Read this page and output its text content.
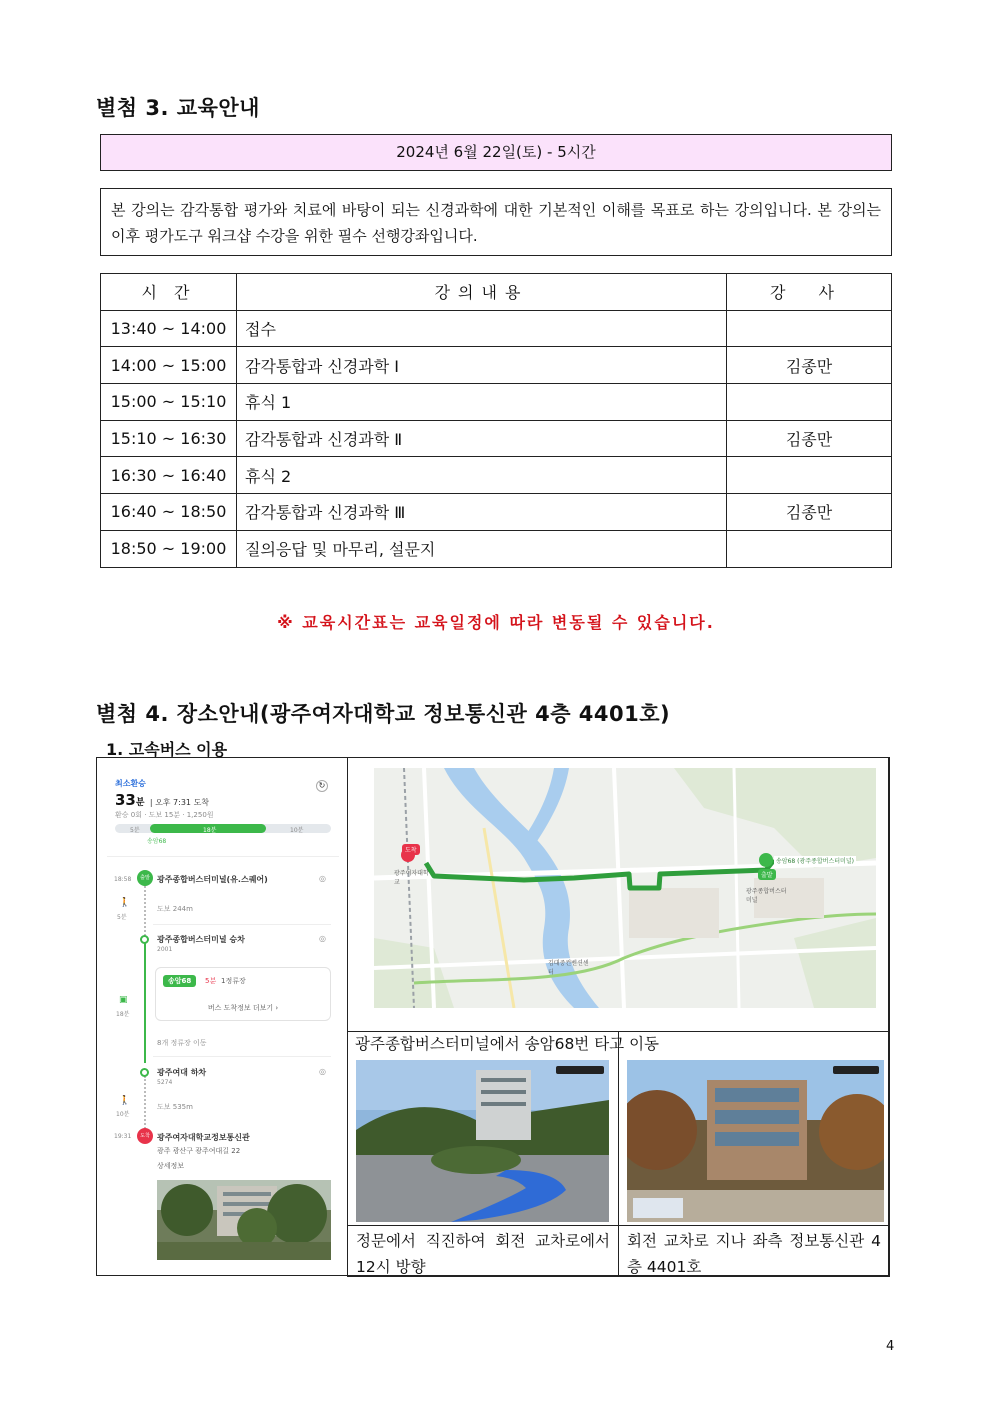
별첨 3. 교육안내
2024년 6월 22일(토) - 5시간
본 강의는 감각통합 평가와 치료에 바탕이 되는 신경과학에 대한 기본적인 이해를 목표로 하는 강의입니다. 본 강의는 이후 평가도구 워크샵 수강을 위한 필수 선행강좌입니다.
시 간	강의내용	강 사
13:40 ~ 14:00	접수	
14:00 ~ 15:00	감각통합과 신경과학 Ⅰ	김종만
15:00 ~ 15:10	휴식 1	
15:10 ~ 16:30	감각통합과 신경과학 Ⅱ	김종만
16:30 ~ 16:40	휴식 2	
16:40 ~ 18:50	감각통합과 신경과학 Ⅲ	김종만
18:50 ~ 19:00	질의응답 및 마무리, 설문지	
※ 교육시간표는 교육일정에 따라 변동될 수 있습니다.
별첨 4. 장소안내(광주여자대학교 정보통신관 4층 4401호)
1. 고속버스 이용
최소환승	↻
33분 | 오후 7:31 도착
환승 0회 · 도보 15분 · 1,250원
5분	18분	10분
송암68
18:58	출발 광주종합버스터미널(유.스퀘어)	◎
🚶
5분
도보 244m
광주종합버스터미널 승차	◎
2001
송암68	5분 1정류장
버스 도착정보 더보기 ›
▣
18분
8개 정류장 이동
광주여대 하차	◎
5274
🚶
10분
도보 535m
19:31	도착 광주여자대학교정보통신관
광주 광산구 광주여대길 22
상세정보
도착
출발
송암68 (광주종합버스터미널)
광주여자대학교
광주종합버스터미널
김대중컨벤션센터
광주종합버스터미널에서 송암68번 타고 이동
정문에서 직진하여 회전 교차로에서 12시 방향
회전 교차로 지나 좌측 정보통신관 4층 4401호
4
